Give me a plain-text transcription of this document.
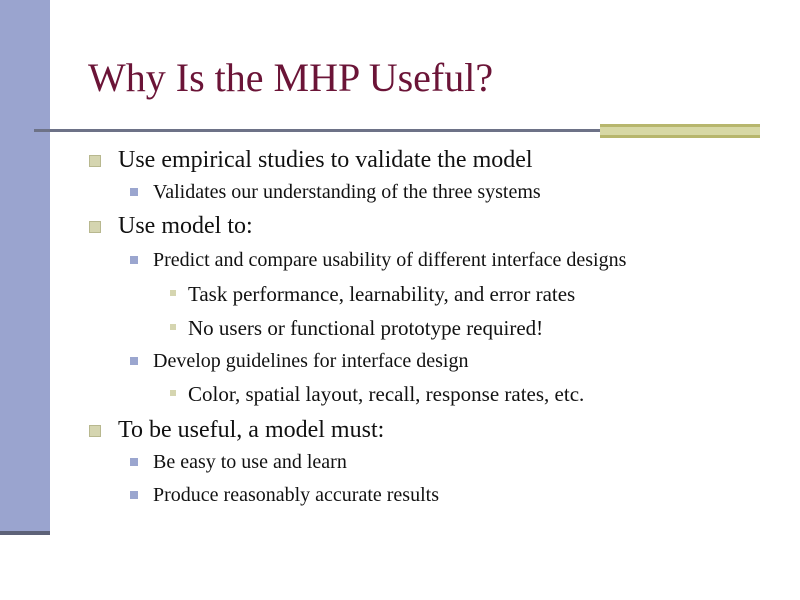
Why Is the MHP Useful?
Use empirical studies to validate the model
Validates our understanding of the three systems
Use model to:
Predict and compare usability of different interface designs
Task performance, learnability, and error rates
No users or functional prototype required!
Develop guidelines for interface design
Color, spatial layout, recall, response rates, etc.
To be useful, a model must:
Be easy to use and learn
Produce reasonably accurate results
